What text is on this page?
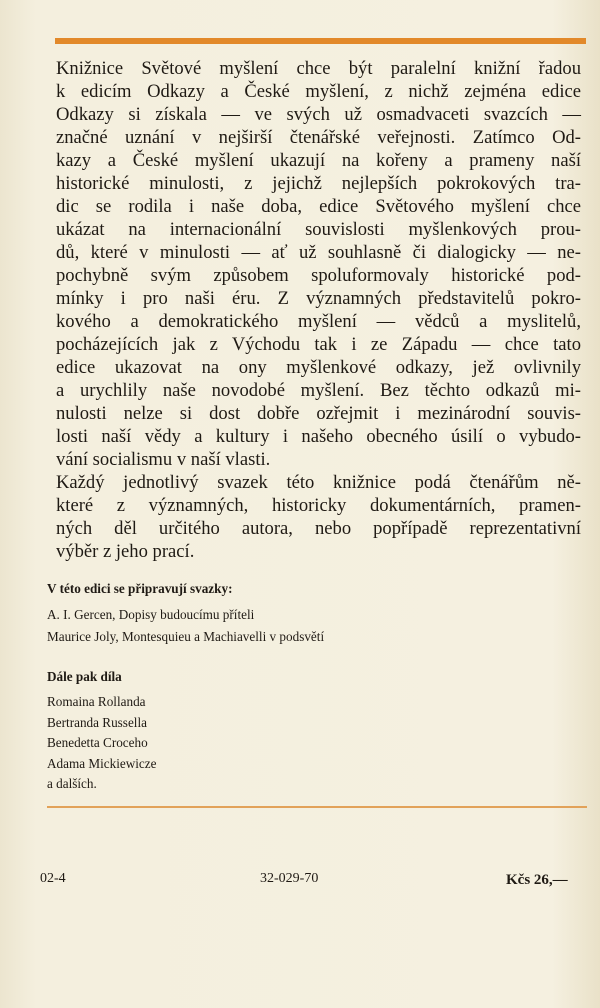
Knižnice Světové myšlení chce být paralelní knižní řadou
k edicím Odkazy a České myšlení, z nichž zejména edice
Odkazy si získala — ve svých už osmadvaceti svazcích —
značné uznání v nejširší čtenářské veřejnosti. Zatímco Od-
kazy a České myšlení ukazují na kořeny a prameny naší
historické minulosti, z jejichž nejlepších pokrokových tra-
dic se rodila i naše doba, edice Světového myšlení chce
ukázat na internacionální souvislosti myšlenkových prou-
dů, které v minulosti — ať už souhlasně či dialogicky — ne-
pochybně svým způsobem spoluformovaly historické pod-
mínky i pro naši éru. Z významných představitelů pokro-
kového a demokratického myšlení — vědců a myslitelů,
pocházejících jak z Východu tak i ze Západu — chce tato
edice ukazovat na ony myšlenkové odkazy, jež ovlivnily
a urychlily naše novodobé myšlení. Bez těchto odkazů mi-
nulosti nelze si dost dobře ozřejmit i mezinárodní souvis-
losti naší vědy a kultury i našeho obecného úsilí o vybudo-
vání socialismu v naší vlasti.
Každý jednotlivý svazek této knižnice podá čtenářům ně-
které z významných, historicky dokumentárních, pramen-
ných děl určitého autora, nebo popřípadě reprezentativní
výběr z jeho prací.
V této edici se připravují svazky:
A. I. Gercen, Dopisy budoucímu příteli
Maurice Joly, Montesquieu a Machiavelli v podsvětí
Dále pak díla
Romaina Rollanda
Bertranda Russella
Benedetta Croceho
Adama Mickiewicze
a dalších.
02-4	32-029-70	Kčs 26,—
